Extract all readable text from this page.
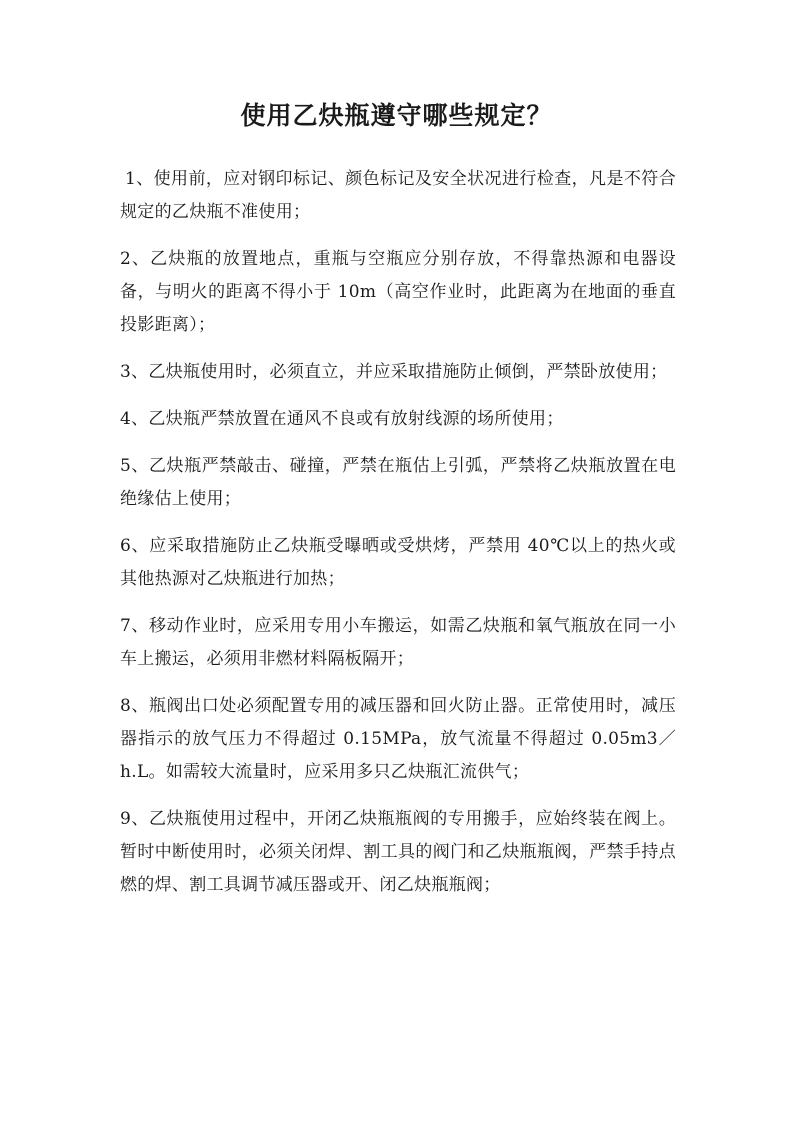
使用乙炔瓶遵守哪些规定？

1、使用前，应对钢印标记、颜色标记及安全状况进行检查，凡是不符合规定的乙炔瓶不准使用；

2、乙炔瓶的放置地点，重瓶与空瓶应分别存放，不得靠热源和电器设备，与明火的距离不得小于 10m（高空作业时，此距离为在地面的垂直投影距离）；

3、乙炔瓶使用时，必须直立，并应采取措施防止倾倒，严禁卧放使用；

4、乙炔瓶严禁放置在通风不良或有放射线源的场所使用；

5、乙炔瓶严禁敲击、碰撞，严禁在瓶估上引弧，严禁将乙炔瓶放置在电绝缘估上使用；

6、应采取措施防止乙炔瓶受曝晒或受烘烤，严禁用 40℃以上的热火或其他热源对乙炔瓶进行加热；

7、移动作业时，应采用专用小车搬运，如需乙炔瓶和氧气瓶放在同一小车上搬运，必须用非燃材料隔板隔开；

8、瓶阀出口处必须配置专用的减压器和回火防止器。正常使用时，减压器指示的放气压力不得超过 0.15MPa，放气流量不得超过 0.05m3／h.L。如需较大流量时，应采用多只乙炔瓶汇流供气；

9、乙炔瓶使用过程中，开闭乙炔瓶瓶阀的专用搬手，应始终装在阀上。暂时中断使用时，必须关闭焊、割工具的阀门和乙炔瓶瓶阀，严禁手持点燃的焊、割工具调节减压器或开、闭乙炔瓶瓶阀；
